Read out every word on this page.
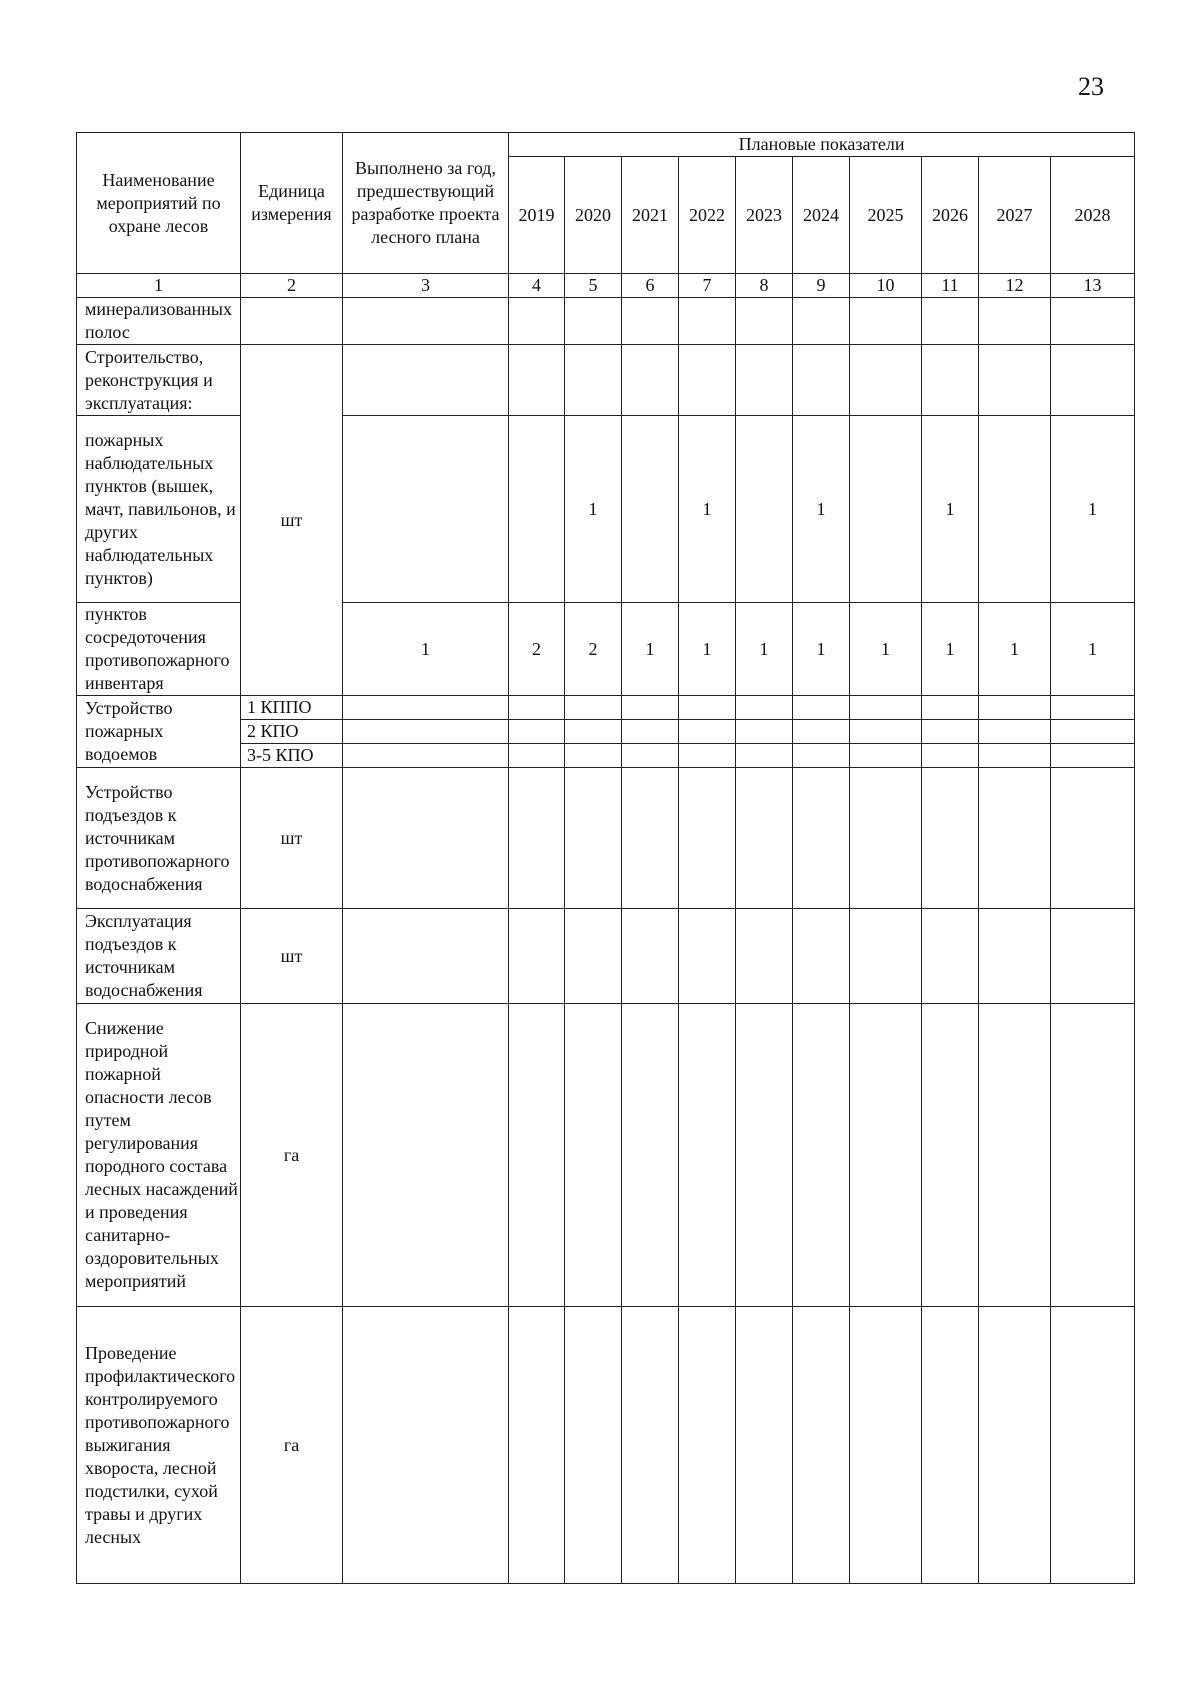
23
Наименование мероприятий по охране лесов	Единица измерения	Выполнено за год, предшествующий разработке проекта лесного плана	Плановые показатели									
			2019	2020	2021	2022	2023	2024	2025	2026	2027	2028
1	2	3	4	5	6	7	8	9	10	11	12	13
минерализованных полос												
Строительство, реконструкция и эксплуатация:	шт											
пожарных наблюдательных пунктов (вышек, мачт, павильонов, и других наблюдательных пунктов)				1		1		1		1		1
пунктов сосредоточения противопожарного инвентаря		1	2	2	1	1	1	1	1	1	1	1
Устройство пожарных водоемов	1 КППО											
	2 КПО											
	3-5 КПО											
Устройство подъездов к источникам противопожарного водоснабжения	шт											
Эксплуатация подъездов к источникам водоснабжения	шт											
Снижение природной пожарной опасности лесов путем регулирования породного состава лесных насаждений и проведения санитарно-оздоровительных мероприятий	га											
Проведение профилактического контролируемого противопожарного выжигания хвороста, лесной подстилки, сухой травы и других лесных	га											
